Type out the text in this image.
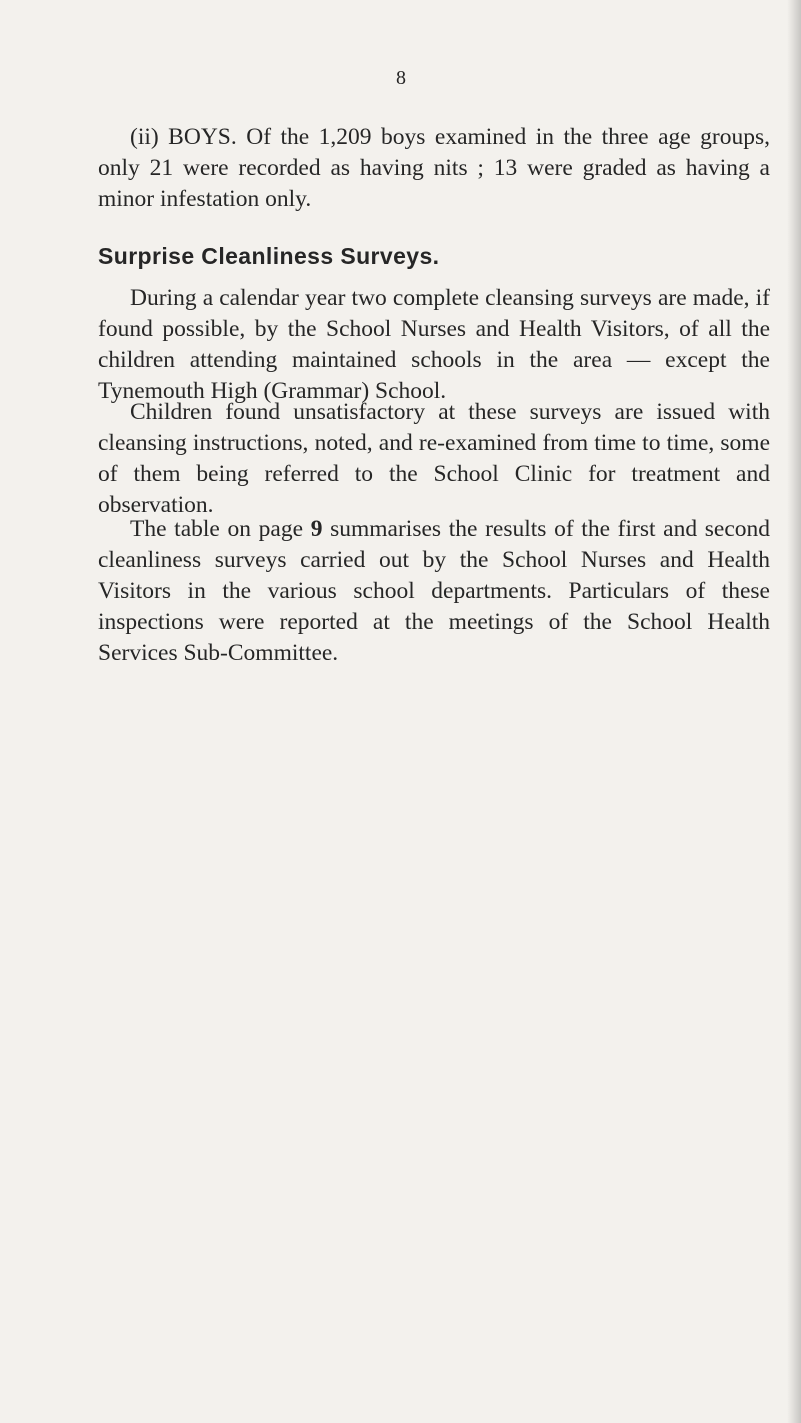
8

(ii) BOYS. Of the 1,209 boys examined in the three age groups, only 21 were recorded as having nits ; 13 were graded as having a minor infestation only.

Surprise Cleanliness Surveys.

During a calendar year two complete cleansing surveys are made, if found possible, by the School Nurses and Health Visitors, of all the children attending maintained schools in the area — except the Tynemouth High (Grammar) School.

Children found unsatisfactory at these surveys are issued with cleansing instructions, noted, and re-examined from time to time, some of them being referred to the School Clinic for treatment and observation.

The table on page 9 summarises the results of the first and second cleanliness surveys carried out by the School Nurses and Health Visitors in the various school departments. Particulars of these inspections were reported at the meetings of the School Health Services Sub-Committee.
